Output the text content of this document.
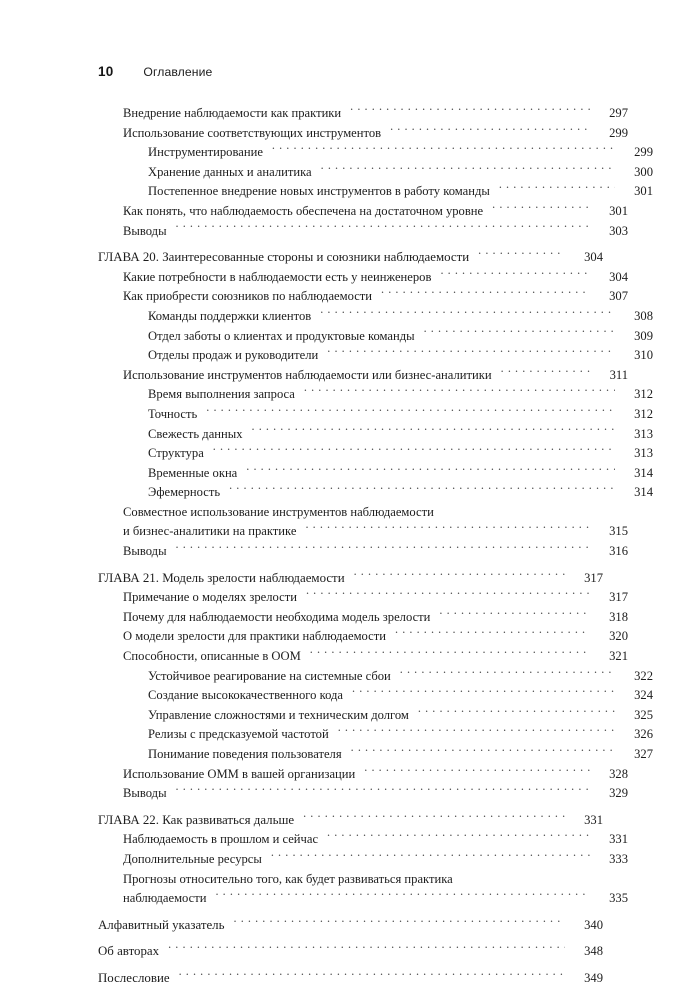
10 Оглавление
Внедрение наблюдаемости как практики . . .	297
Использование соответствующих инструментов . . .	299
Инструментирование . . .	299
Хранение данных и аналитика . . .	300
Постепенное внедрение новых инструментов в работу команды . . .	301
Как понять, что наблюдаемость обеспечена на достаточном уровне . . .	301
Выводы . . .	303
ГЛАВА 20. Заинтересованные стороны и союзники наблюдаемости . . .	304
Какие потребности в наблюдаемости есть у неинженеров . . .	304
Как приобрести союзников по наблюдаемости . . .	307
Команды поддержки клиентов . . .	308
Отдел заботы о клиентах и продуктовые команды . . .	309
Отделы продаж и руководители . . .	310
Использование инструментов наблюдаемости или бизнес-аналитики . . .	311
Время выполнения запроса . . .	312
Точность . . .	312
Свежесть данных . . .	313
Структура . . .	313
Временные окна . . .	314
Эфемерность . . .	314
Совместное использование инструментов наблюдаемости
и бизнес-аналитики на практике . . .	315
Выводы . . .	316
ГЛАВА 21. Модель зрелости наблюдаемости . . .	317
Примечание о моделях зрелости . . .	317
Почему для наблюдаемости необходима модель зрелости . . .	318
О модели зрелости для практики наблюдаемости . . .	320
Способности, описанные в OOM . . .	321
Устойчивое реагирование на системные сбои . . .	322
Создание высококачественного кода . . .	324
Управление сложностями и техническим долгом . . .	325
Релизы с предсказуемой частотой . . .	326
Понимание поведения пользователя . . .	327
Использование OMM в вашей организации . . .	328
Выводы . . .	329
ГЛАВА 22. Как развиваться дальше . . .	331
Наблюдаемость в прошлом и сейчас . . .	331
Дополнительные ресурсы . . .	333
Прогнозы относительно того, как будет развиваться практика
наблюдаемости . . .	335
Алфавитный указатель . . .	340
Об авторах . . .	348
Послесловие . . .	349
